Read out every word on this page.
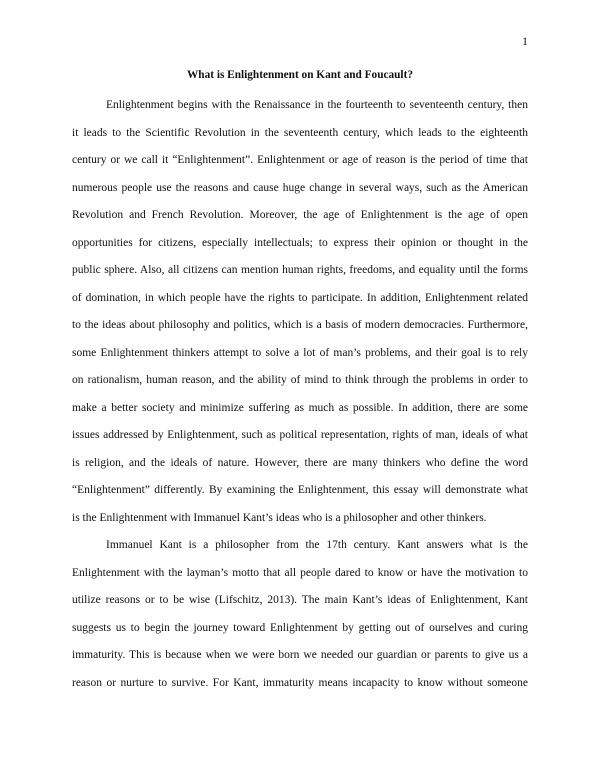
1
What is Enlightenment on Kant and Foucault?
Enlightenment begins with the Renaissance in the fourteenth to seventeenth century, then
it leads to the Scientific Revolution in the seventeenth century, which leads to the eighteenth
century or we call it “Enlightenment”. Enlightenment or age of reason is the period of time that
numerous people use the reasons and cause huge change in several ways, such as the American
Revolution and French Revolution. Moreover, the age of Enlightenment is the age of open
opportunities for citizens, especially intellectuals; to express their opinion or thought in the
public sphere. Also, all citizens can mention human rights, freedoms, and equality until the forms
of domination, in which people have the rights to participate. In addition, Enlightenment related
to the ideas about philosophy and politics, which is a basis of modern democracies. Furthermore,
some Enlightenment thinkers attempt to solve a lot of man’s problems, and their goal is to rely
on rationalism, human reason, and the ability of mind to think through the problems in order to
make a better society and minimize suffering as much as possible. In addition, there are some
issues addressed by Enlightenment, such as political representation, rights of man, ideals of what
is religion, and the ideals of nature. However, there are many thinkers who define the word
“Enlightenment” differently. By examining the Enlightenment, this essay will demonstrate what
is the Enlightenment with Immanuel Kant’s ideas who is a philosopher and other thinkers.
Immanuel Kant is a philosopher from the 17th century. Kant answers what is the
Enlightenment with the layman’s motto that all people dared to know or have the motivation to
utilize reasons or to be wise (Lifschitz, 2013). The main Kant’s ideas of Enlightenment, Kant
suggests us to begin the journey toward Enlightenment by getting out of ourselves and curing
immaturity. This is because when we were born we needed our guardian or parents to give us a
reason or nurture to survive. For Kant, immaturity means incapacity to know without someone
